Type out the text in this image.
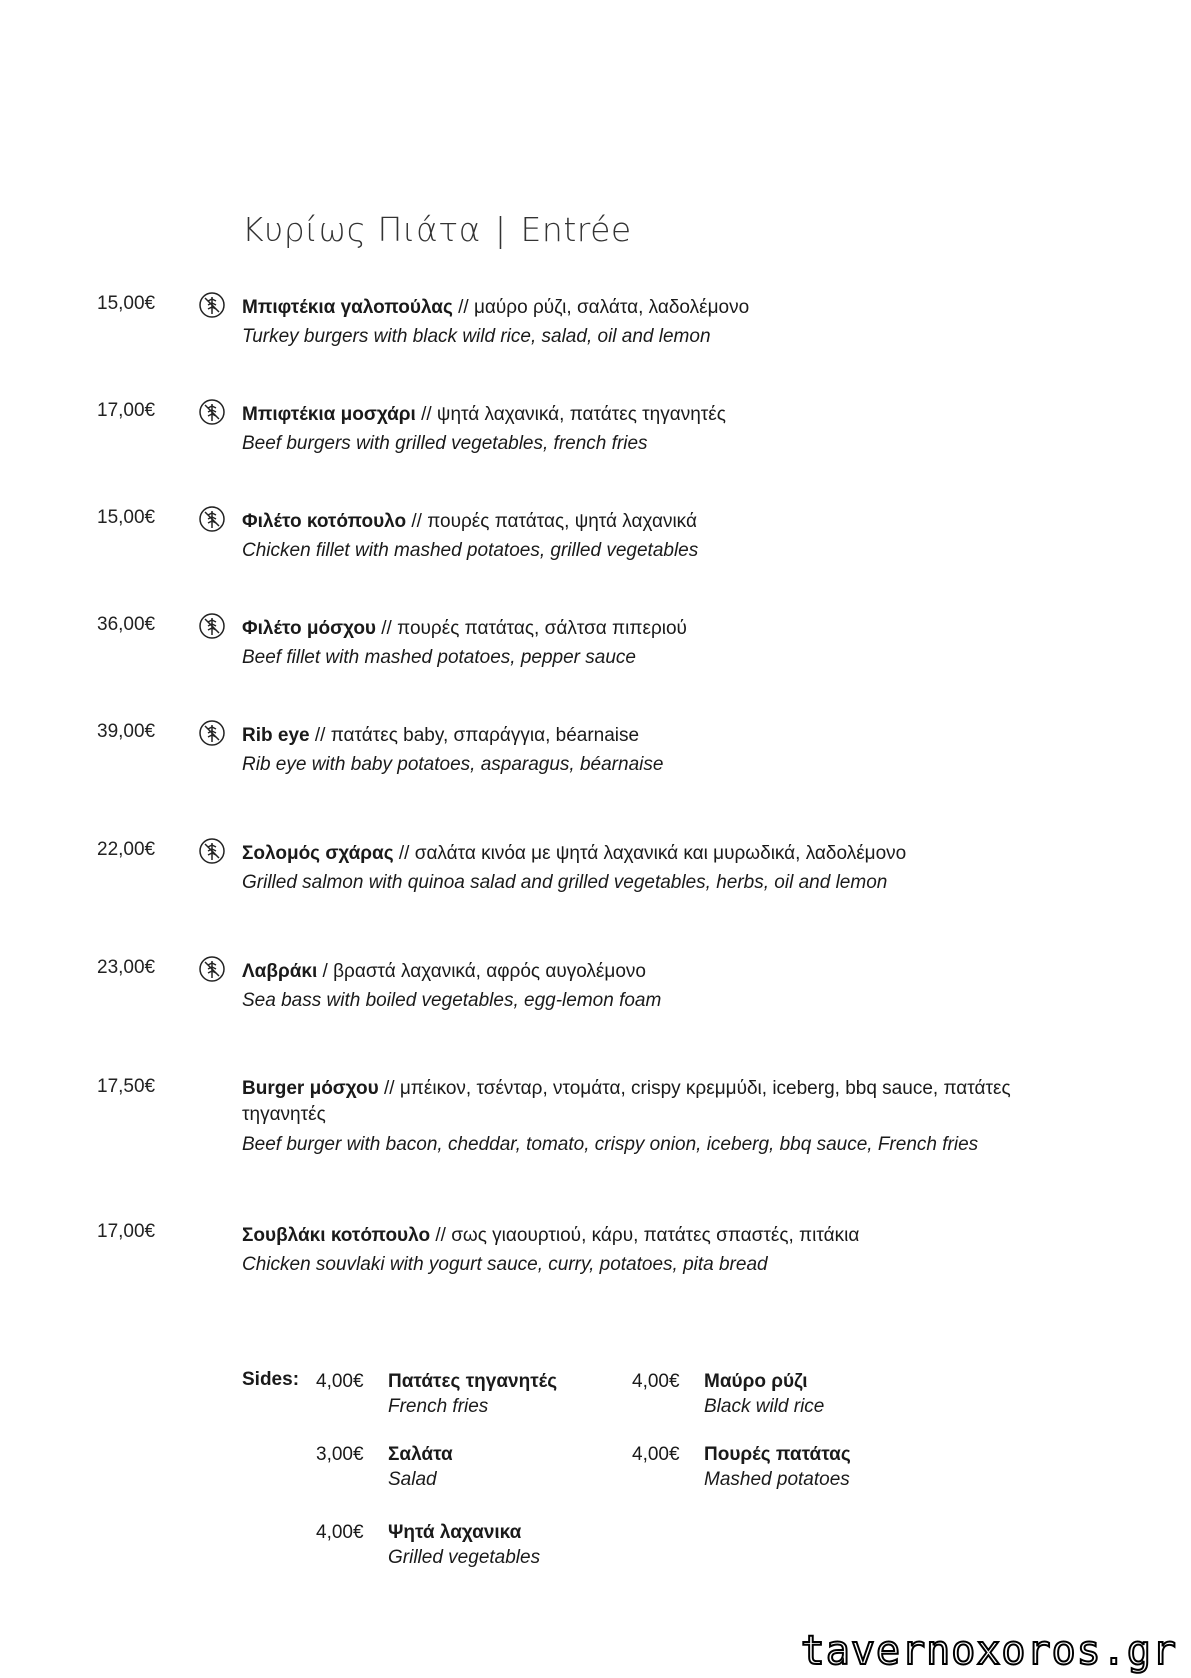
Κυρίως Πιάτα | Entrée
15,00€	Μπιφτέκια γαλοπούλας // μαύρο ρύζι, σαλάτα, λαδολέμονο
Turkey burgers with black wild rice, salad, oil and lemon
17,00€	Μπιφτέκια μοσχάρι // ψητά λαχανικά, πατάτες τηγανητές
Beef burgers with grilled vegetables, french fries
15,00€	Φιλέτο κοτόπουλο // πουρές πατάτας, ψητά λαχανικά
Chicken fillet with mashed potatoes, grilled vegetables
36,00€	Φιλέτο μόσχου // πουρές πατάτας, σάλτσα πιπεριού
Beef fillet with mashed potatoes, pepper sauce
39,00€	Rib eye // πατάτες baby, σπαράγγια, béarnaise
Rib eye with baby potatoes, asparagus, béarnaise
22,00€	Σολομός σχάρας // σαλάτα κινόα με ψητά λαχανικά και μυρωδικά, λαδολέμονο
Grilled salmon with quinoa salad and grilled vegetables, herbs, oil and lemon
23,00€	Λαβράκι / βραστά λαχανικά, αφρός αυγολέμονο
Sea bass with boiled vegetables, egg-lemon foam
17,50€	Burger μόσχου // μπέικον, τσένταρ, ντομάτα, crispy κρεμμύδι, iceberg, bbq sauce, πατάτες τηγανητές
Beef burger with bacon, cheddar, tomato, crispy onion, iceberg, bbq sauce, French fries
17,00€	Σουβλάκι κοτόπουλο // σως γιαουρτιού, κάρυ, πατάτες σπαστές, πιτάκια
Chicken souvlaki with yogurt sauce, curry, potatoes, pita bread
Sides: 4,00€ Πατάτες τηγανητές
French fries
4,00€ Μαύρο ρύζι
Black wild rice
3,00€ Σαλάτα
Salad
4,00€ Πουρές πατάτας
Mashed potatoes
4,00€ Ψητά λαχανικα
Grilled vegetables
tavernoxoros.gr
